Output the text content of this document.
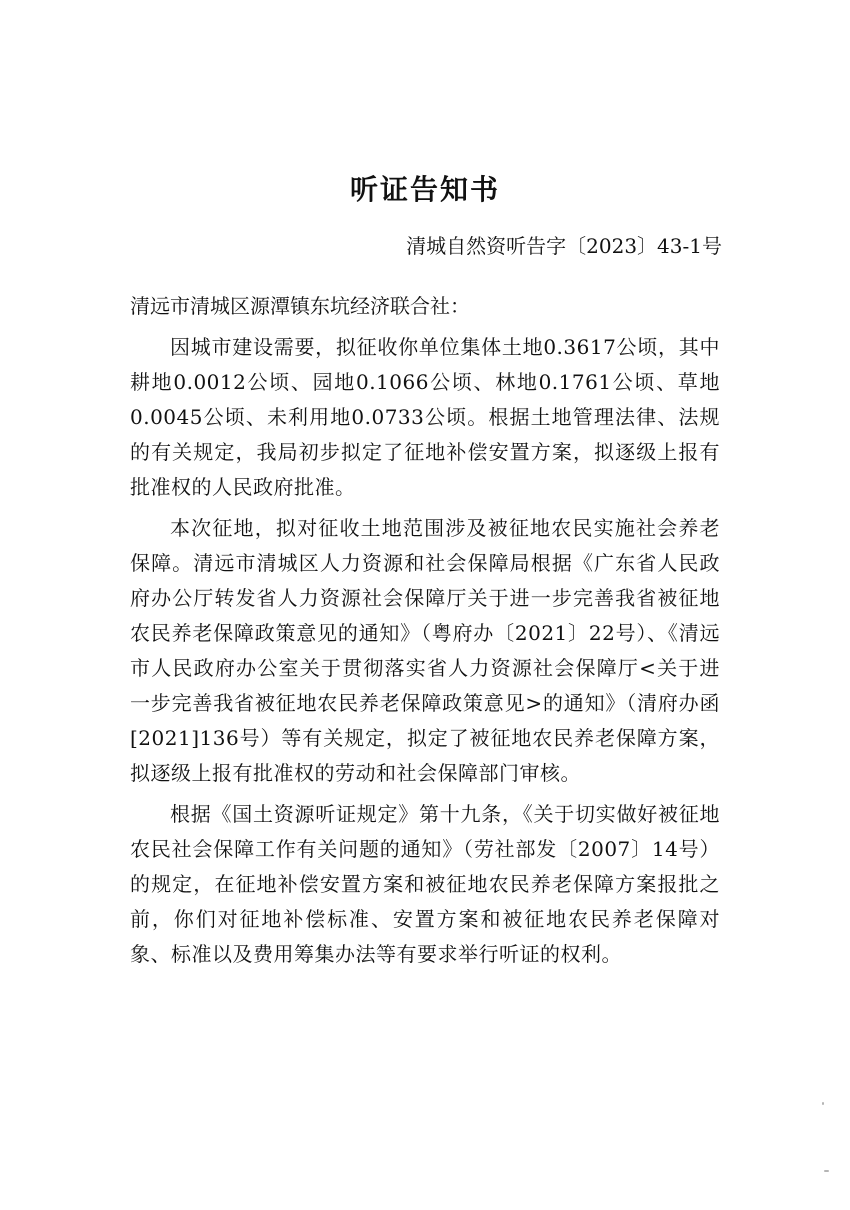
听证告知书
清城自然资听告字〔2023〕43-1号
清远市清城区源潭镇东坑经济联合社：

因城市建设需要，拟征收你单位集体土地0.3617公顷，其中耕地0.0012公顷、园地0.1066公顷、林地0.1761公顷、草地0.0045公顷、未利用地0.0733公顷。根据土地管理法律、法规的有关规定，我局初步拟定了征地补偿安置方案，拟逐级上报有批准权的人民政府批准。

本次征地，拟对征收土地范围涉及被征地农民实施社会养老保障。清远市清城区人力资源和社会保障局根据《广东省人民政府办公厅转发省人力资源社会保障厅关于进一步完善我省被征地农民养老保障政策意见的通知》（粤府办〔2021〕22号）、《清远市人民政府办公室关于贯彻落实省人力资源社会保障厅<关于进一步完善我省被征地农民养老保障政策意见>的通知》（清府办函[2021]136号）等有关规定，拟定了被征地农民养老保障方案，拟逐级上报有批准权的劳动和社会保障部门审核。

根据《国土资源听证规定》第十九条，《关于切实做好被征地农民社会保障工作有关问题的通知》（劳社部发〔2007〕14号）的规定，在征地补偿安置方案和被征地农民养老保障方案报批之前，你们对征地补偿标准、安置方案和被征地农民养老保障对象、标准以及费用筹集办法等有要求举行听证的权利。
